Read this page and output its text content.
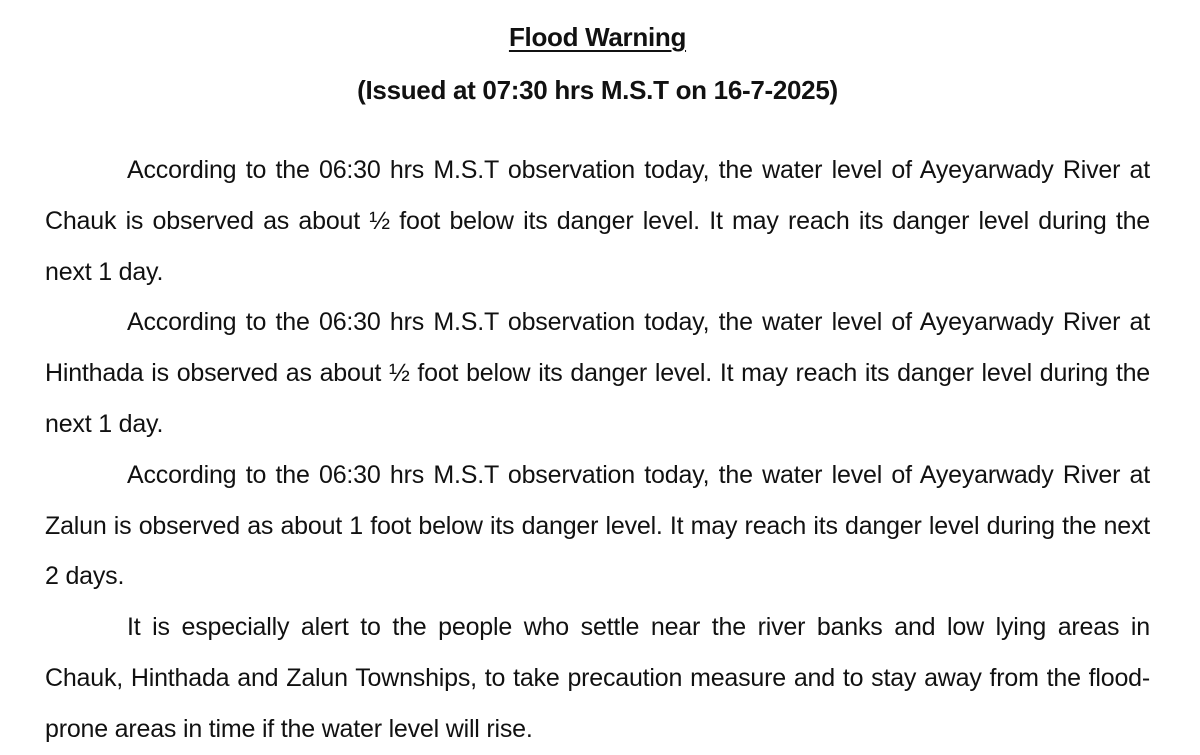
Flood Warning

(Issued at 07:30 hrs M.S.T on 16-7-2025)

According to the 06:30 hrs M.S.T observation today, the water level of Ayeyarwady River at Chauk is observed as about ½ foot below its danger level. It may reach its danger level during the next 1 day.

According to the 06:30 hrs M.S.T observation today, the water level of Ayeyarwady River at Hinthada is observed as about ½ foot below its danger level. It may reach its danger level during the next 1 day.

According to the 06:30 hrs M.S.T observation today, the water level of Ayeyarwady River at Zalun is observed as about 1 foot below its danger level. It may reach its danger level during the next 2 days.

It is especially alert to the people who settle near the river banks and low lying areas in Chauk, Hinthada and Zalun Townships, to take precaution measure and to stay away from the flood-prone areas in time if the water level will rise.
